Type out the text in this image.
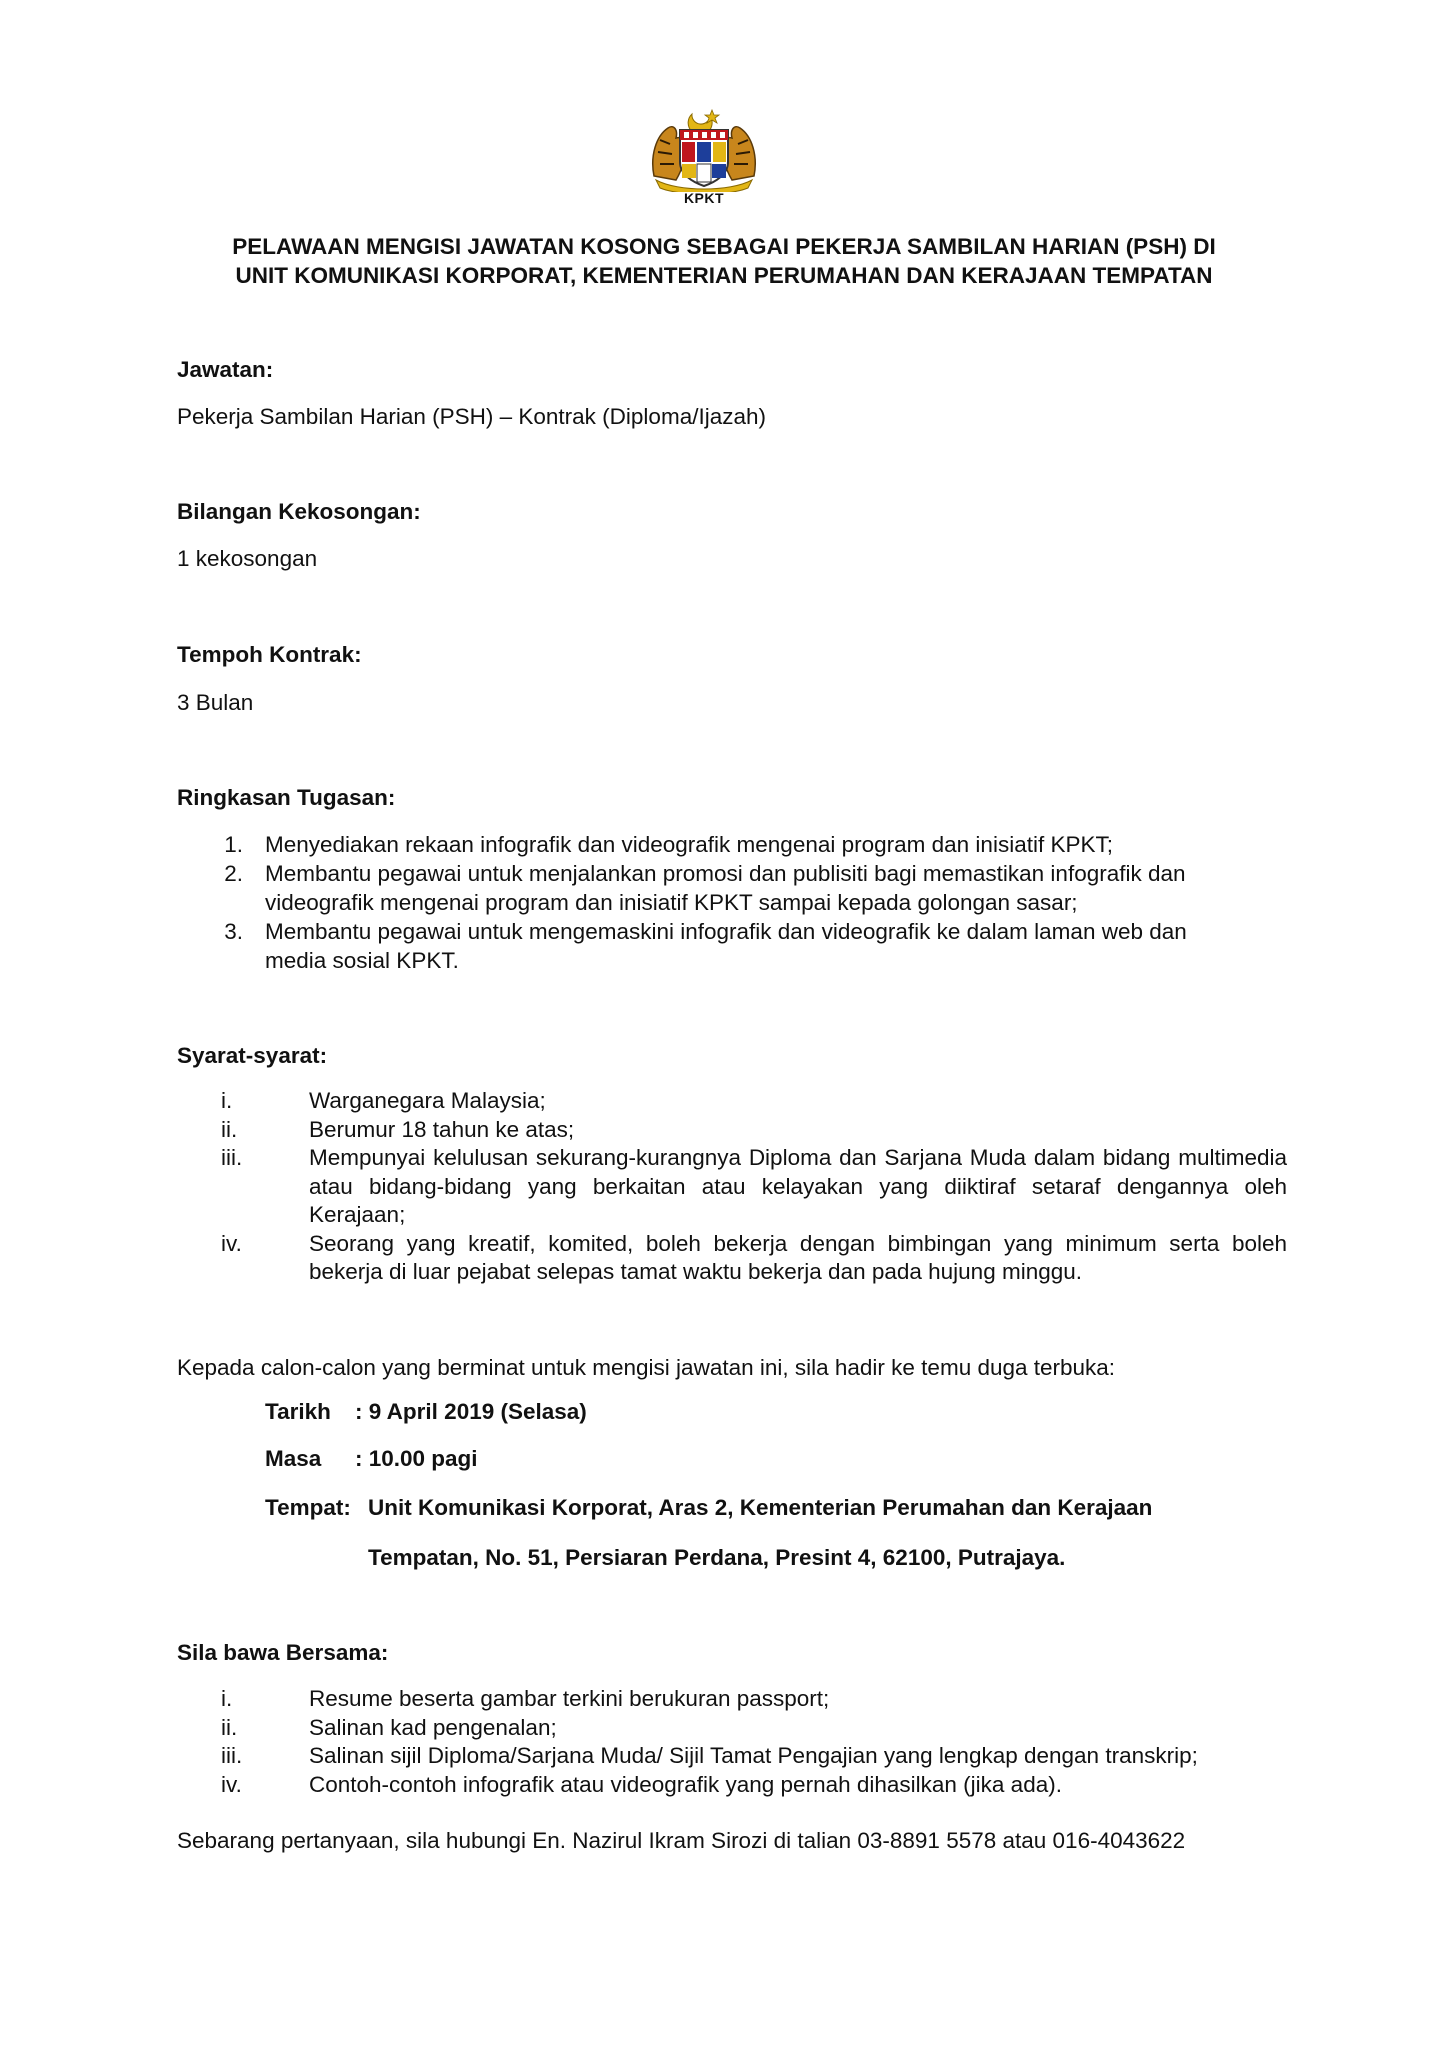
KPKT
PELAWAAN MENGISI JAWATAN KOSONG SEBAGAI PEKERJA SAMBILAN HARIAN (PSH) DI
UNIT KOMUNIKASI KORPORAT, KEMENTERIAN PERUMAHAN DAN KERAJAAN TEMPATAN
Jawatan:
Pekerja Sambilan Harian (PSH) – Kontrak (Diploma/Ijazah)
Bilangan Kekosongan:
1 kekosongan
Tempoh Kontrak:
3 Bulan
Ringkasan Tugasan:
1. Menyediakan rekaan infografik dan videografik mengenai program dan inisiatif KPKT;
2. Membantu pegawai untuk menjalankan promosi dan publisiti bagi memastikan infografik dan
videografik mengenai program dan inisiatif KPKT sampai kepada golongan sasar;
3. Membantu pegawai untuk mengemaskini infografik dan videografik ke dalam laman web dan
media sosial KPKT.
Syarat-syarat:
i.	Warganegara Malaysia;
ii.	Berumur 18 tahun ke atas;
iii.	Mempunyai kelulusan sekurang-kurangnya Diploma dan Sarjana Muda dalam bidang multimedia atau bidang-bidang yang berkaitan atau kelayakan yang diiktiraf setaraf dengannya oleh Kerajaan;
iv.	Seorang yang kreatif, komited, boleh bekerja dengan bimbingan yang minimum serta boleh bekerja di luar pejabat selepas tamat waktu bekerja dan pada hujung minggu.
Kepada calon-calon yang berminat untuk mengisi jawatan ini, sila hadir ke temu duga terbuka:
Tarikh : 9 April 2019 (Selasa)
Masa : 10.00 pagi
Tempat: Unit Komunikasi Korporat, Aras 2, Kementerian Perumahan dan Kerajaan
Tempatan, No. 51, Persiaran Perdana, Presint 4, 62100, Putrajaya.
Sila bawa Bersama:
i.	Resume beserta gambar terkini berukuran passport;
ii.	Salinan kad pengenalan;
iii.	Salinan sijil Diploma/Sarjana Muda/ Sijil Tamat Pengajian yang lengkap dengan transkrip;
iv.	Contoh-contoh infografik atau videografik yang pernah dihasilkan (jika ada).
Sebarang pertanyaan, sila hubungi En. Nazirul Ikram Sirozi di talian 03-8891 5578 atau 016-4043622
